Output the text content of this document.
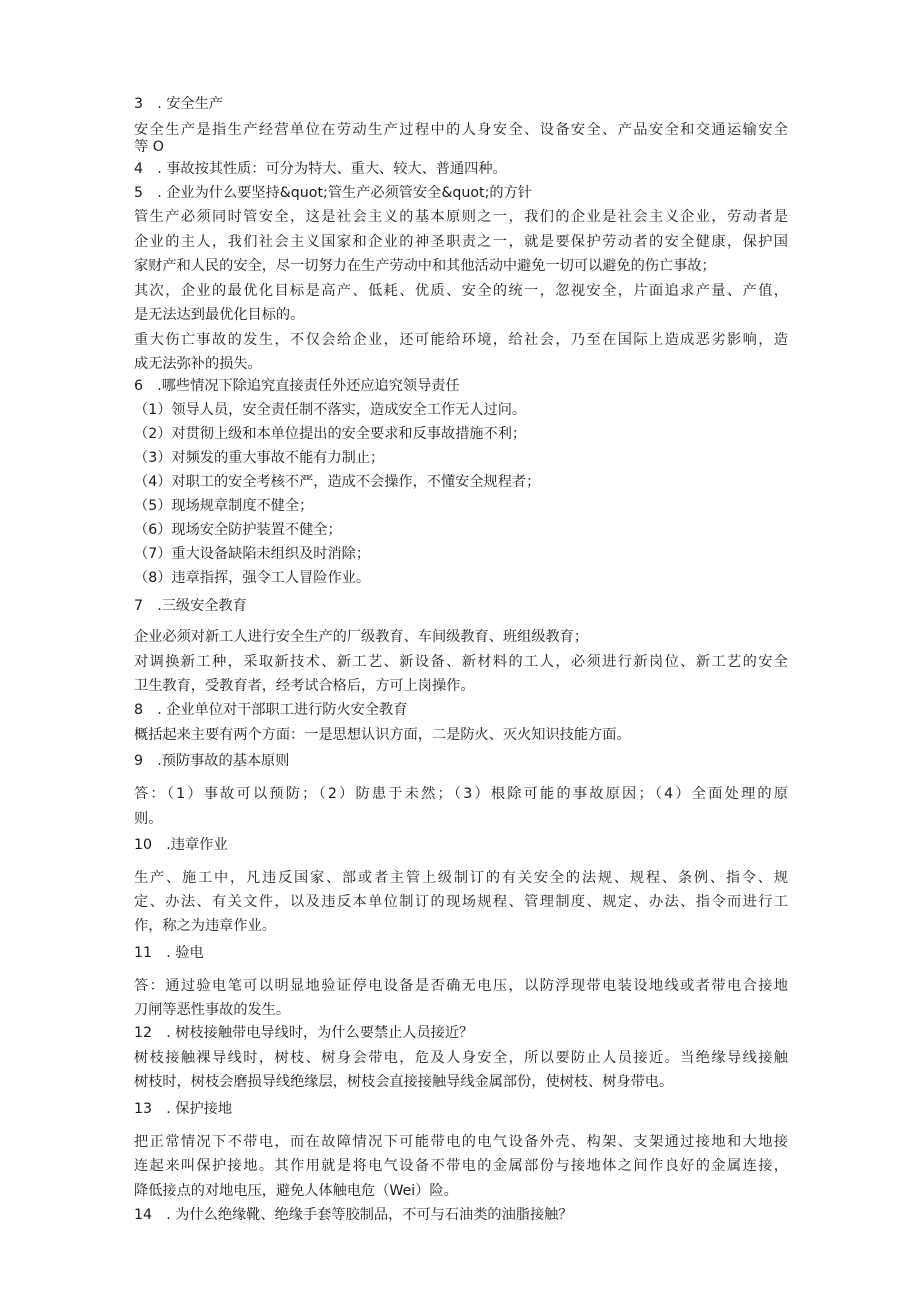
3　. 安全生产
安全生产是指生产经营单位在劳动生产过程中的人身安全、设备安全、产品安全和交通运输安全
等 O
4　. 事故按其性质：可分为特大、重大、较大、普通四种。
5　. 企业为什么要坚持&quot;管生产必须管安全&quot;的方针
管生产必须同时管安全，这是社会主义的基本原则之一，我们的企业是社会主义企业，劳动者是
企业的主人，我们社会主义国家和企业的神圣职责之一，就是要保护劳动者的安全健康，保护国
家财产和人民的安全，尽一切努力在生产劳动中和其他活动中避免一切可以避免的伤亡事故；
其次，企业的最优化目标是高产、低耗、优质、安全的统一，忽视安全，片面追求产量、产值，
是无法达到最优化目标的。
重大伤亡事故的发生，不仅会给企业，还可能给环境，给社会，乃至在国际上造成恶劣影响，造
成无法弥补的损失。
6　.哪些情况下除追究直接责任外还应追究领导责任
（1）领导人员，安全责任制不落实，造成安全工作无人过问。
（2）对贯彻上级和本单位提出的安全要求和反事故措施不利；
（3）对频发的重大事故不能有力制止；
（4）对职工的安全考核不严，造成不会操作，不懂安全规程者；
（5）现场规章制度不健全；
（6）现场安全防护装置不健全；
（7）重大设备缺陷未组织及时消除；
（8）违章指挥，强令工人冒险作业。
7　.三级安全教育
企业必须对新工人进行安全生产的厂级教育、车间级教育、班组级教育；
对调换新工种，采取新技术、新工艺、新设备、新材料的工人，必须进行新岗位、新工艺的安全
卫生教育，受教育者，经考试合格后，方可上岗操作。
8　. 企业单位对干部职工进行防火安全教育
概括起来主要有两个方面：一是思想认识方面，二是防火、灭火知识技能方面。
9　.预防事故的基本原则
答：（1）事故可以预防；（2）防患于未然；（3）根除可能的事故原因；（4）全面处理的原
则。
10　.违章作业
生产、施工中，凡违反国家、部或者主管上级制订的有关安全的法规、规程、条例、指令、规
定、办法、有关文件，以及违反本单位制订的现场规程、管理制度、规定、办法、指令而进行工
作，称之为违章作业。
11　. 验电
答：通过验电笔可以明显地验证停电设备是否确无电压，以防浮现带电装设地线或者带电合接地
刀闸等恶性事故的发生。
12　. 树枝接触带电导线时，为什么要禁止人员接近？
树枝接触裸导线时，树枝、树身会带电，危及人身安全，所以要防止人员接近。当绝缘导线接触
树枝时，树枝会磨损导线绝缘层，树枝会直接接触导线金属部份，使树枝、树身带电。
13　. 保护接地
把正常情况下不带电，而在故障情况下可能带电的电气设备外壳、构架、支架通过接地和大地接
连起来叫保护接地。其作用就是将电气设备不带电的金属部份与接地体之间作良好的金属连接，
降低接点的对地电压，避免人体触电危（Wei）险。
14　. 为什么绝缘靴、绝缘手套等胶制品，不可与石油类的油脂接触？
